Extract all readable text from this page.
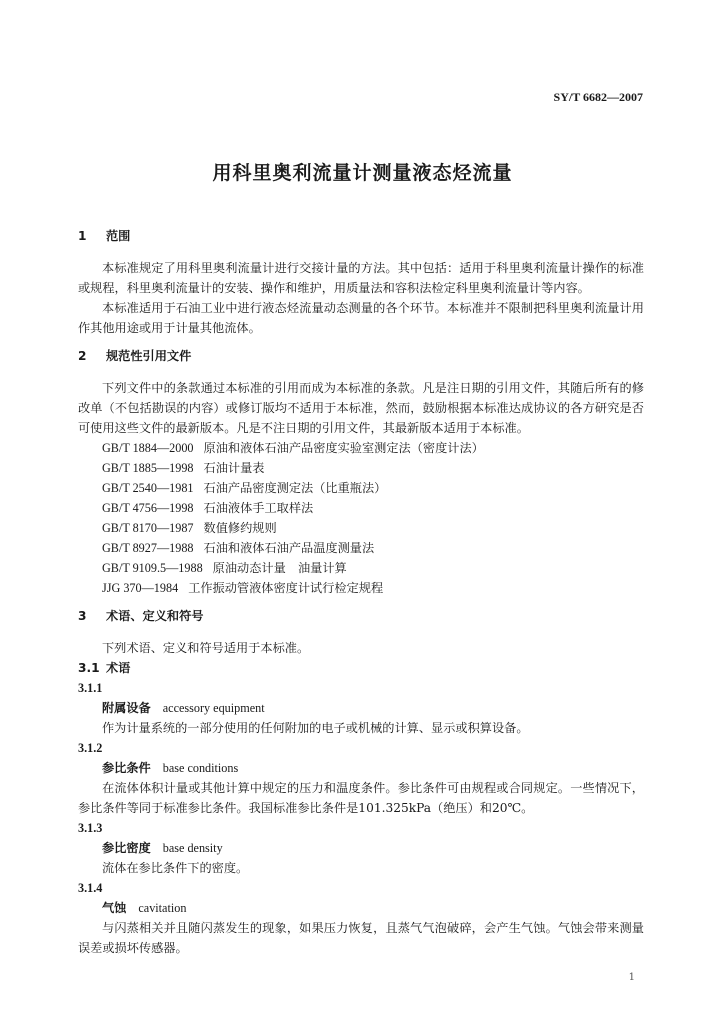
SY/T 6682—2007
用科里奥利流量计测量液态烃流量

1 范围

本标准规定了用科里奥利流量计进行交接计量的方法。其中包括：适用于科里奥利流量计操作的标准或规程，科里奥利流量计的安装、操作和维护，用质量法和容积法检定科里奥利流量计等内容。

本标准适用于石油工业中进行液态烃流量动态测量的各个环节。本标准并不限制把科里奥利流量计用作其他用途或用于计量其他流体。

2 规范性引用文件

下列文件中的条款通过本标准的引用而成为本标准的条款。凡是注日期的引用文件，其随后所有的修改单（不包括勘误的内容）或修订版均不适用于本标准，然而，鼓励根据本标准达成协议的各方研究是否可使用这些文件的最新版本。凡是不注日期的引用文件，其最新版本适用于本标准。

GB/T 1884—2000 原油和液体石油产品密度实验室测定法（密度计法）
GB/T 1885—1998 石油计量表
GB/T 2540—1981 石油产品密度测定法（比重瓶法）
GB/T 4756—1998 石油液体手工取样法
GB/T 8170—1987 数值修约规则
GB/T 8927—1988 石油和液体石油产品温度测量法
GB/T 9109.5—1988 原油动态计量　油量计算
JJG 370—1984 工作振动管液体密度计试行检定规程

3 术语、定义和符号

下列术语、定义和符号适用于本标准。

3.1 术语

3.1.1

附属设备 accessory equipment

作为计量系统的一部分使用的任何附加的电子或机械的计算、显示或积算设备。

3.1.2

参比条件 base conditions

在流体体积计量或其他计算中规定的压力和温度条件。参比条件可由规程或合同规定。一些情况下，参比条件等同于标准参比条件。我国标准参比条件是101.325kPa（绝压）和20℃。

3.1.3

参比密度 base density

流体在参比条件下的密度。

3.1.4

气蚀 cavitation

与闪蒸相关并且随闪蒸发生的现象，如果压力恢复，且蒸气气泡破碎，会产生气蚀。气蚀会带来测量误差或损坏传感器。

1
